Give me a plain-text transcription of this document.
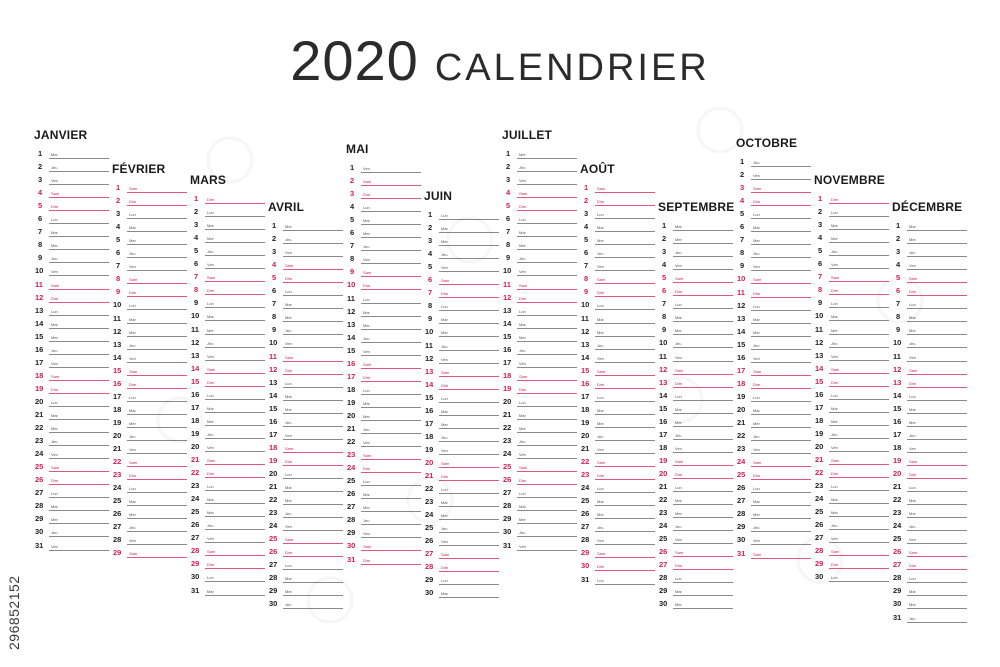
2020 CALENDRIER
JANVIER
1 Mer
2 Jeu
3 Ven
4 Sam
5 Dim
6 Lun
7 Mar
8 Mer
9 Jeu
10 Ven
11 Sam
12 Dim
13 Lun
14 Mar
15 Mer
16 Jeu
17 Ven
18 Sam
19 Dim
20 Lun
21 Mar
22 Mer
23 Jeu
24 Ven
25 Sam
26 Dim
27 Lun
28 Mar
29 Mer
30 Jeu
31 Ven
FÉVRIER
1 Sam
2 Dim
3 Lun
4 Mar
5 Mer
6 Jeu
7 Ven
8 Sam
9 Dim
10 Lun
11 Mar
12 Mer
13 Jeu
14 Ven
15 Sam
16 Dim
17 Lun
18 Mar
19 Mer
20 Jeu
21 Ven
22 Sam
23 Dim
24 Lun
25 Mar
26 Mer
27 Jeu
28 Ven
29 Sam
MARS
1 Dim
2 Lun
3 Mar
4 Mer
5 Jeu
6 Ven
7 Sam
8 Dim
9 Lun
10 Mar
11 Mer
12 Jeu
13 Ven
14 Sam
15 Dim
16 Lun
17 Mar
18 Mer
19 Jeu
20 Ven
21 Sam
22 Dim
23 Lun
24 Mar
25 Mer
26 Jeu
27 Ven
28 Sam
29 Dim
30 Lun
31 Mar
AVRIL
1 Mer
2 Jeu
3 Ven
4 Sam
5 Dim
6 Lun
7 Mar
8 Mer
9 Jeu
10 Ven
11 Sam
12 Dim
13 Lun
14 Mar
15 Mer
16 Jeu
17 Ven
18 Sam
19 Dim
20 Lun
21 Mar
22 Mer
23 Jeu
24 Ven
25 Sam
26 Dim
27 Lun
28 Mar
29 Mer
30 Jeu
MAI
1 Ven
2 Sam
3 Dim
4 Lun
5 Mar
6 Mer
7 Jeu
8 Ven
9 Sam
10 Dim
11 Lun
12 Mar
13 Mer
14 Jeu
15 Ven
16 Sam
17 Dim
18 Lun
19 Mar
20 Mer
21 Jeu
22 Ven
23 Sam
24 Dim
25 Lun
26 Mar
27 Mer
28 Jeu
29 Ven
30 Sam
31 Dim
JUIN
1 Lun
2 Mar
3 Mer
4 Jeu
5 Ven
6 Sam
7 Dim
8 Lun
9 Mar
10 Mer
11 Jeu
12 Ven
13 Sam
14 Dim
15 Lun
16 Mar
17 Mer
18 Jeu
19 Ven
20 Sam
21 Dim
22 Lun
23 Mar
24 Mer
25 Jeu
26 Ven
27 Sam
28 Dim
29 Lun
30 Mar
JUILLET
1 Mer
2 Jeu
3 Ven
4 Sam
5 Dim
6 Lun
7 Mar
8 Mer
9 Jeu
10 Ven
11 Sam
12 Dim
13 Lun
14 Mar
15 Mer
16 Jeu
17 Ven
18 Sam
19 Dim
20 Lun
21 Mar
22 Mer
23 Jeu
24 Ven
25 Sam
26 Dim
27 Lun
28 Mar
29 Mer
30 Jeu
31 Ven
AOÛT
1 Sam
2 Dim
3 Lun
4 Mar
5 Mer
6 Jeu
7 Ven
8 Sam
9 Dim
10 Lun
11 Mar
12 Mer
13 Jeu
14 Ven
15 Sam
16 Dim
17 Lun
18 Mar
19 Mer
20 Jeu
21 Ven
22 Sam
23 Dim
24 Lun
25 Mar
26 Mer
27 Jeu
28 Ven
29 Sam
30 Dim
31 Lun
SEPTEMBRE
1 Mar
2 Mer
3 Jeu
4 Ven
5 Sam
6 Dim
7 Lun
8 Mar
9 Mer
10 Jeu
11 Ven
12 Sam
13 Dim
14 Lun
15 Mar
16 Mer
17 Jeu
18 Ven
19 Sam
20 Dim
21 Lun
22 Mar
23 Mer
24 Jeu
25 Ven
26 Sam
27 Dim
28 Lun
29 Mar
30 Mer
OCTOBRE
1 Jeu
2 Ven
3 Sam
4 Dim
5 Lun
6 Mar
7 Mer
8 Jeu
9 Ven
10 Sam
11 Dim
12 Lun
13 Mar
14 Mer
15 Jeu
16 Ven
17 Sam
18 Dim
19 Lun
20 Mar
21 Mer
22 Jeu
23 Ven
24 Sam
25 Dim
26 Lun
27 Mar
28 Mer
29 Jeu
30 Ven
31 Sam
NOVEMBRE
1 Dim
2 Lun
3 Mar
4 Mer
5 Jeu
6 Ven
7 Sam
8 Dim
9 Lun
10 Mar
11 Mer
12 Jeu
13 Ven
14 Sam
15 Dim
16 Lun
17 Mar
18 Mer
19 Jeu
20 Ven
21 Sam
22 Dim
23 Lun
24 Mar
25 Mer
26 Jeu
27 Ven
28 Sam
29 Dim
30 Lun
DÉCEMBRE
1 Mar
2 Mer
3 Jeu
4 Ven
5 Sam
6 Dim
7 Lun
8 Mar
9 Mer
10 Jeu
11 Ven
12 Sam
13 Dim
14 Lun
15 Mar
16 Mer
17 Jeu
18 Ven
19 Sam
20 Dim
21 Lun
22 Mar
23 Mer
24 Jeu
25 Ven
26 Sam
27 Dim
28 Lun
29 Mar
30 Mer
31 Jeu
296852152
